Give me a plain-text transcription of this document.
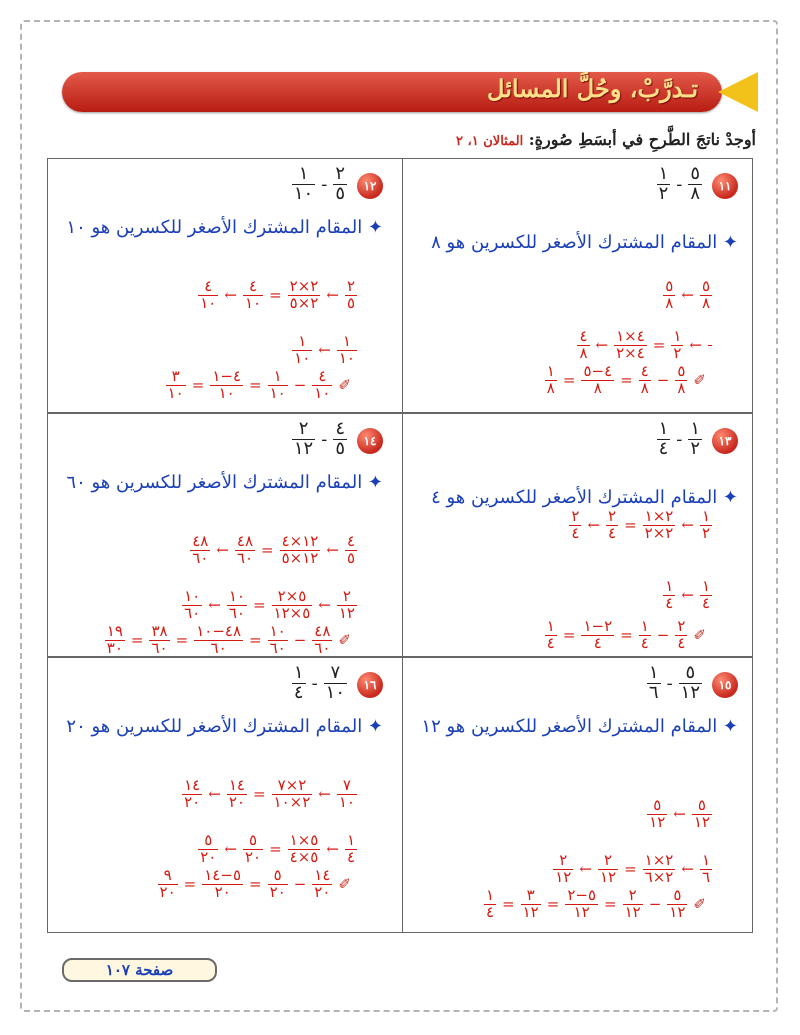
تـدرَّبْ، وحُلَّ المسائل
أوجدْ ناتجَ الطَّرحِ في أبسَطِ صُورةٍ: المثالان ١، ٢
١١
$\frac{٥}{٨}$
-
$\frac{١}{٢}$
✦ المقام المشترك الأصغر للكسرين هو ٨
$\frac{٥}{٨}$
←
$\frac{٥}{٨}$
←
$\frac{١}{٢}$
=
$\frac{٤\times ١}{٤\times ٢}$
←
$\frac{٤}{٨}$
✐
$\frac{٥}{٨}$
−
$\frac{٤}{٨}$
=
$\frac{٤-٥}{٨}$
=
$\frac{١}{٨}$
١٢
$\frac{٢}{٥}$
-
$\frac{١}{١٠}$
✦ المقام المشترك الأصغر للكسرين هو ١٠
$\frac{٢}{٥}$
←
$\frac{٢\times ٢}{٢\times ٥}$
=
$\frac{٤}{١٠}$
←
$\frac{٤}{١٠}$
$\frac{١}{١٠}$
←
$\frac{١}{١٠}$
✐
$\frac{٤}{١٠}$
−
$\frac{١}{١٠}$
=
$\frac{٤-١}{١٠}$
=
$\frac{٣}{١٠}$
١٣
$\frac{١}{٢}$
-
$\frac{١}{٤}$
✦ المقام المشترك الأصغر للكسرين هو ٤
$\frac{١}{٢}$
←
$\frac{٢\times ١}{٢\times ٢}$
=
$\frac{٢}{٤}$
←
$\frac{٢}{٤}$
$\frac{١}{٤}$
←
$\frac{١}{٤}$
✐
$\frac{٢}{٤}$
−
$\frac{١}{٤}$
=
$\frac{٢-١}{٤}$
=
$\frac{١}{٤}$
١٤
$\frac{٤}{٥}$
-
$\frac{٢}{١٢}$
✦ المقام المشترك الأصغر للكسرين هو ٦٠
$\frac{٤}{٥}$
←
$\frac{١٢\times ٤}{١٢\times ٥}$
=
$\frac{٤٨}{٦٠}$
←
$\frac{٤٨}{٦٠}$
$\frac{٢}{١٢}$
←
$\frac{٥\times ٢}{٥\times ١٢}$
=
$\frac{١٠}{٦٠}$
←
$\frac{١٠}{٦٠}$
✐
$\frac{٤٨}{٦٠}$
−
$\frac{١٠}{٦٠}$
=
$\frac{٤٨-١٠}{٦٠}$
=
$\frac{٣٨}{٦٠}$
=
$\frac{١٩}{٣٠}$
١٥
$\frac{٥}{١٢}$
-
$\frac{١}{٦}$
✦ المقام المشترك الأصغر للكسرين هو ١٢
$\frac{٥}{١٢}$
←
$\frac{٥}{١٢}$
$\frac{١}{٦}$
←
$\frac{٢\times ١}{٢\times ٦}$
=
$\frac{٢}{١٢}$
←
$\frac{٢}{١٢}$
✐
$\frac{٥}{١٢}$
−
$\frac{٢}{١٢}$
=
$\frac{٥-٢}{١٢}$
=
$\frac{٣}{١٢}$
=
$\frac{١}{٤}$
١٦
$\frac{٧}{١٠}$
-
$\frac{١}{٤}$
✦ المقام المشترك الأصغر للكسرين هو ٢٠
$\frac{٧}{١٠}$
←
$\frac{٢\times ٧}{٢\times ١٠}$
=
$\frac{١٤}{٢٠}$
←
$\frac{١٤}{٢٠}$
$\frac{١}{٤}$
←
$\frac{٥\times ١}{٥\times ٤}$
=
$\frac{٥}{٢٠}$
←
$\frac{٥}{٢٠}$
✐
$\frac{١٤}{٢٠}$
−
$\frac{٥}{٢٠}$
=
$\frac{٥-١٤}{٢٠}$
=
$\frac{٩}{٢٠}$
صفحة ١٠٧
